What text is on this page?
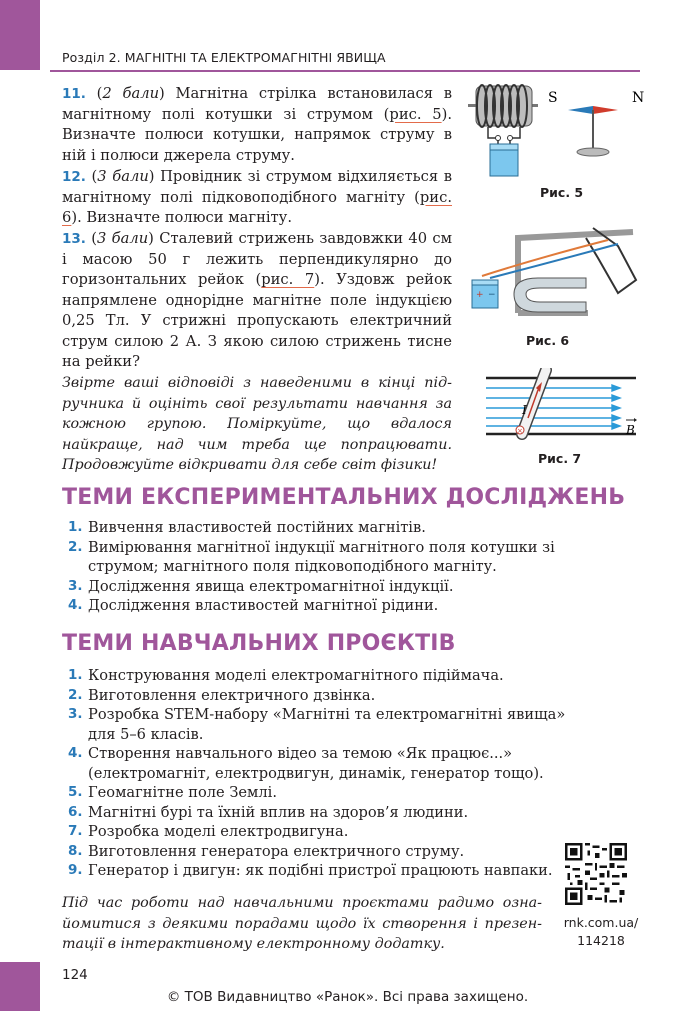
Розділ 2. МАГНІТНІ ТА ЕЛЕКТРОМАГНІТНІ ЯВИЩА
11. (2 бали) Магнітна стрілка встановилася в магнітному полі котушки зі струмом (рис. 5). Визначте полюси котушки, напрямок струму в ній і полюси джерела струму.
12. (3 бали) Провідник зі струмом відхиляється в магнітному полі підковоподібного магніту (рис. 6). Визначте полюси магніту.
13. (3 бали) Сталевий стрижень завдовжки 40 см і масою 50 г лежить перпендикулярно до горизонтальних рейок (рис. 7). Уздовж рейок напрямлене однорідне магнітне поле індукцією 0,25 Тл. У стрижні пропускають електричний струм силою 2 А. З якою силою стрижень тисне на рейки?
Звірте ваші відповіді з наведеними в кінці підручника й оцініть свої результати навчання за кожною групою. Поміркуйте, що вдалося найкраще, над чим треба ще попрацювати. Продовжуйте відкривати для себе світ фізики!
S	N
Рис. 5
+ −
Рис. 6
×
I
B
Рис. 7
ТЕМИ ЕКСПЕРИМЕНТАЛЬНИХ ДОСЛІДЖЕНЬ
1. Вивчення властивостей постійних магнітів.
2. Вимірювання магнітної індукції магнітного поля котушки зі струмом; магнітного поля підковоподібного магніту.
3. Дослідження явища електромагнітної індукції.
4. Дослідження властивостей магнітної рідини.
ТЕМИ НАВЧАЛЬНИХ ПРОЄКТІВ
1. Конструювання моделі електромагнітного підіймача.
2. Виготовлення електричного дзвінка.
3. Розробка STEM-набору «Магнітні та електромагнітні явища» для 5–6 класів.
4. Створення навчального відео за темою «Як працює...» (електромагніт, електродвигун, динамік, генератор тощо).
5. Геомагнітне поле Землі.
6. Магнітні бурі та їхній вплив на здоров’я людини.
7. Розробка моделі електродвигуна.
8. Виготовлення генератора електричного струму.
9. Генератор і двигун: як подібні пристрої працюють навпаки.
Під час роботи над навчальними проєктами радимо ознайомитися з деякими порадами щодо їх створення і презентації в інтерактивному електронному додатку.
rnk.com.ua/
114218
124
© ТОВ Видавництво «Ранок». Всі права захищено.
